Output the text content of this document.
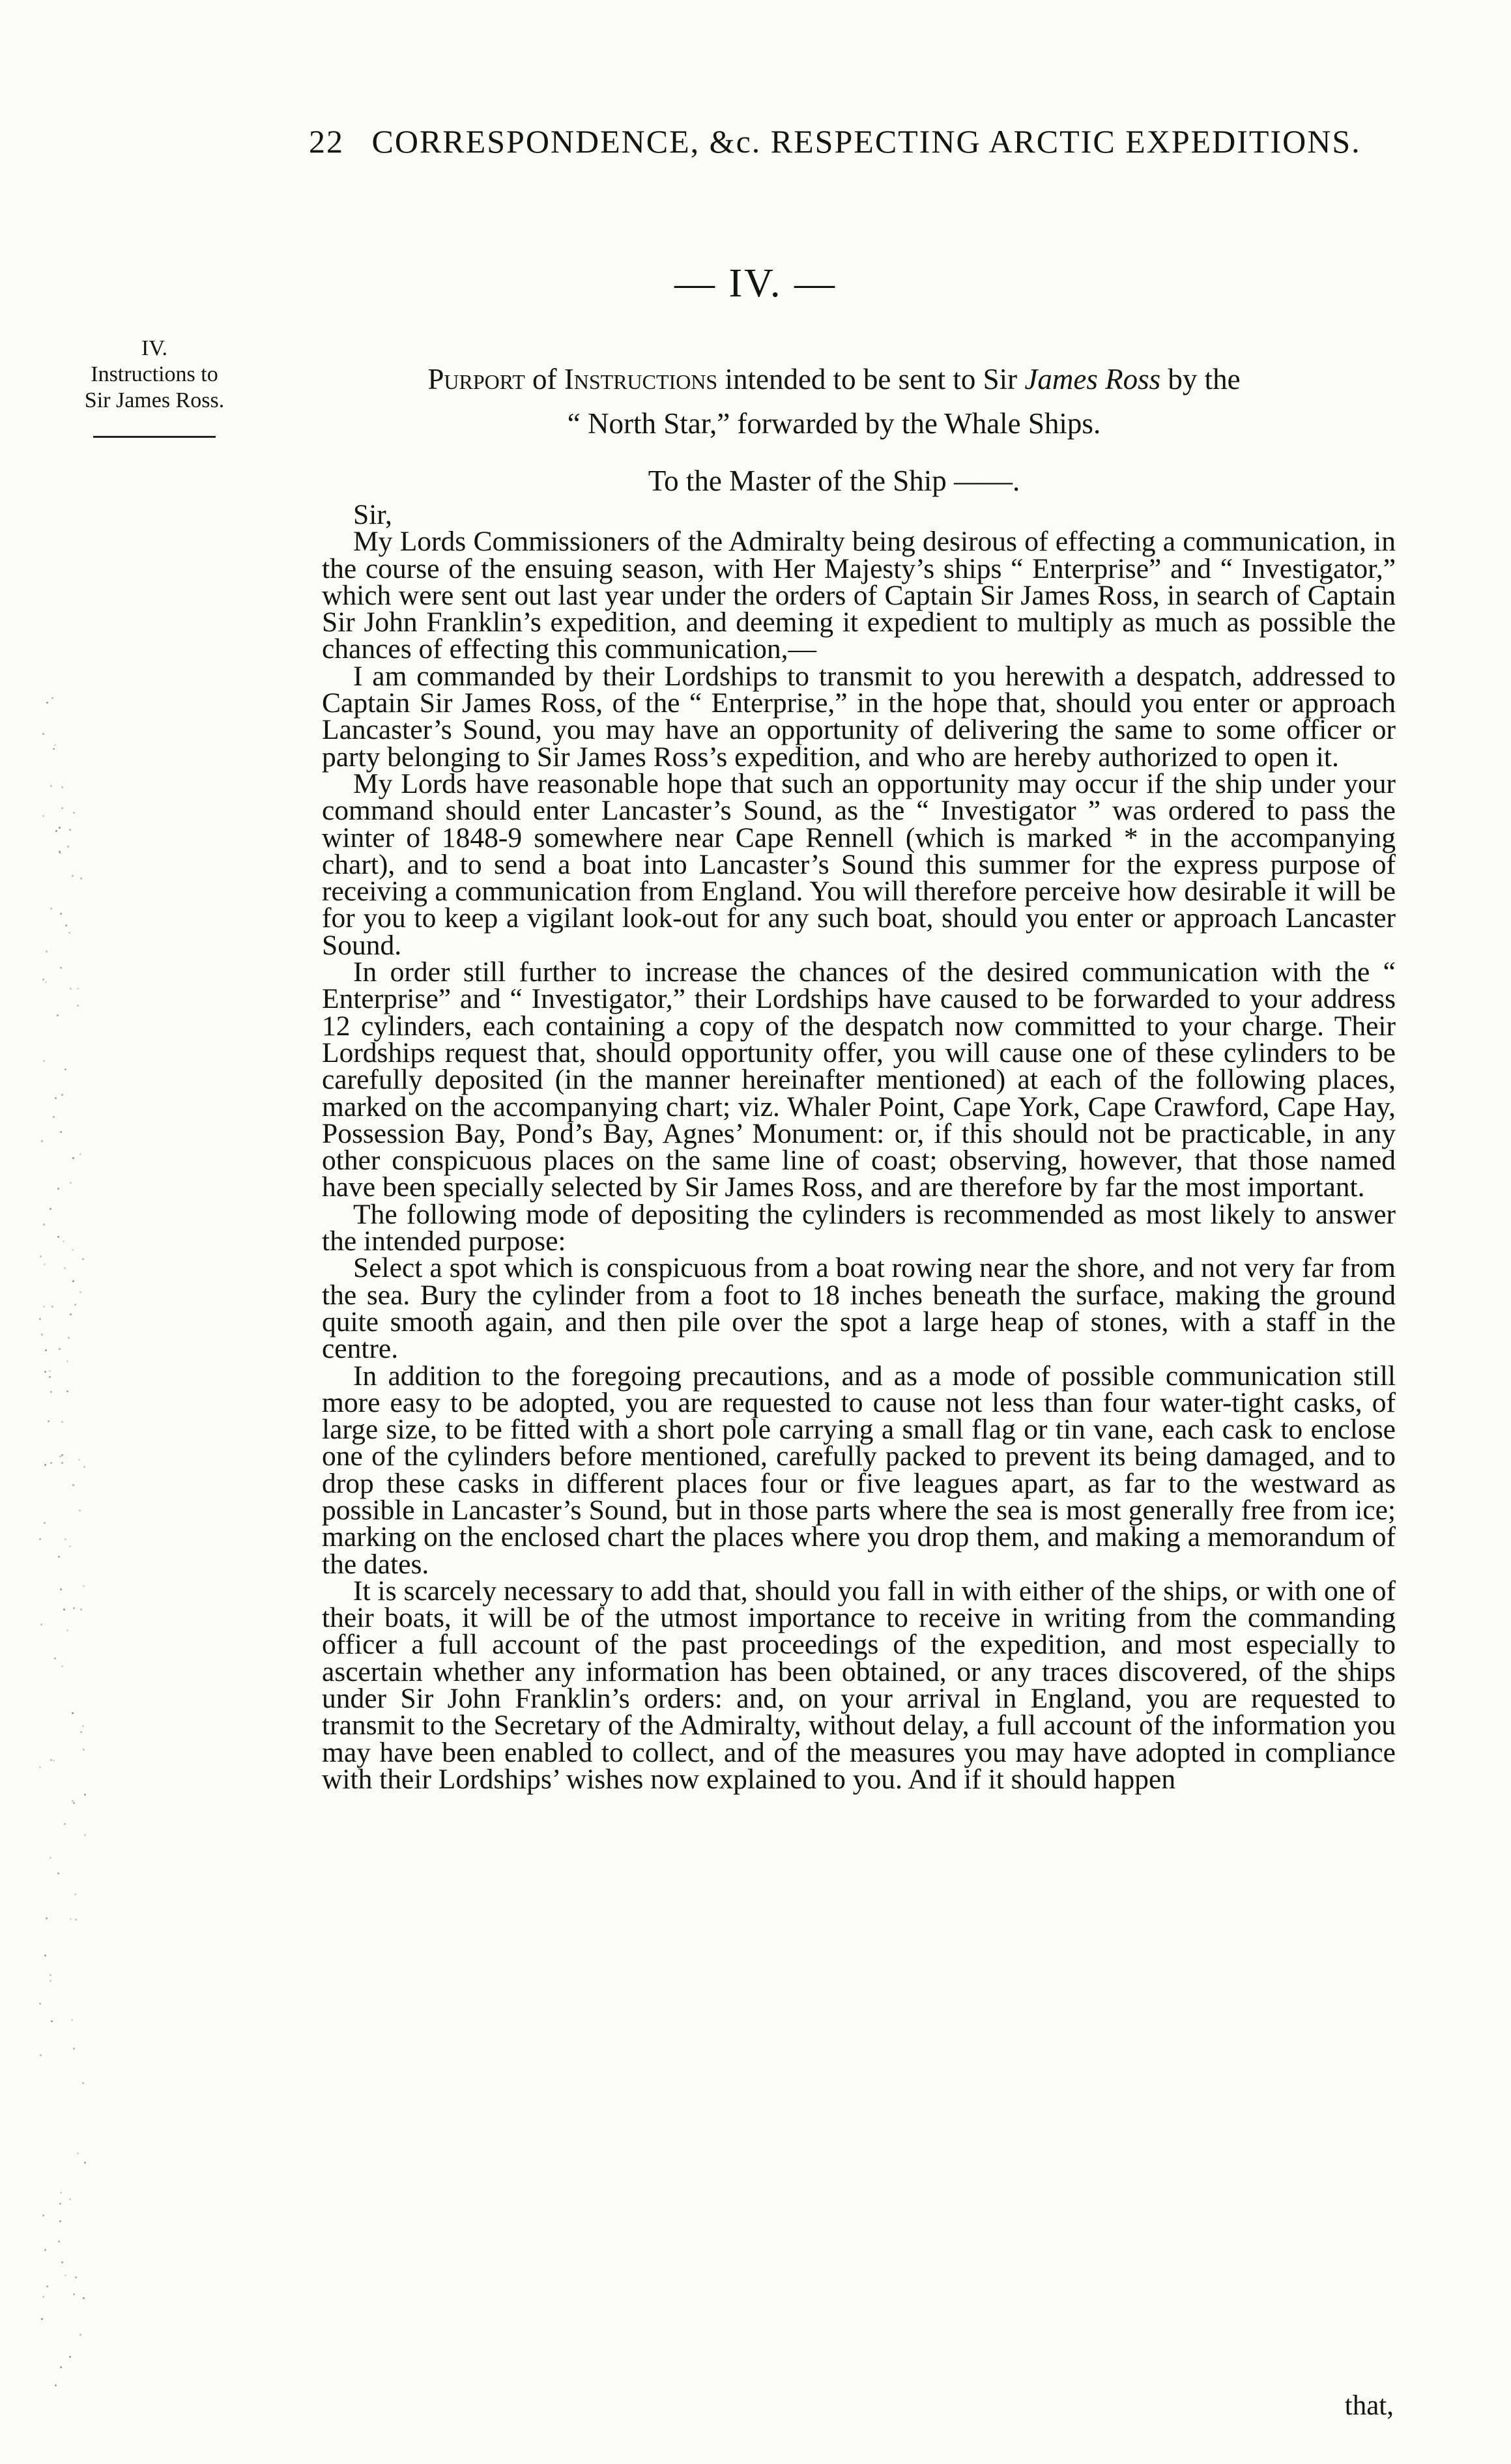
22 CORRESPONDENCE, &c. RESPECTING ARCTIC EXPEDITIONS.
— IV. —
IV.
Instructions to
Sir James Ross.
Purport of Instructions intended to be sent to Sir James Ross by the
“ North Star,” forwarded by the Whale Ships.
To the Master of the Ship ——.

Sir,

My Lords Commissioners of the Admiralty being desirous of effecting a communication, in the course of the ensuing season, with Her Majesty’s ships “ Enterprise” and “ Investigator,” which were sent out last year under the orders of Captain Sir James Ross, in search of Captain Sir John Franklin’s expedition, and deeming it expedient to multiply as much as possible the chances of effecting this communication,—

I am commanded by their Lordships to transmit to you herewith a despatch, addressed to Captain Sir James Ross, of the “ Enterprise,” in the hope that, should you enter or approach Lancaster’s Sound, you may have an opportunity of delivering the same to some officer or party belonging to Sir James Ross’s expedition, and who are hereby authorized to open it.

My Lords have reasonable hope that such an opportunity may occur if the ship under your command should enter Lancaster’s Sound, as the “ Investigator ” was ordered to pass the winter of 1848-9 somewhere near Cape Rennell (which is marked * in the accompanying chart), and to send a boat into Lancaster’s Sound this summer for the express purpose of receiving a communication from England. You will therefore perceive how desirable it will be for you to keep a vigilant look-out for any such boat, should you enter or approach Lancaster Sound.

In order still further to increase the chances of the desired communication with the “ Enterprise” and “ Investigator,” their Lordships have caused to be forwarded to your address 12 cylinders, each containing a copy of the despatch now committed to your charge. Their Lordships request that, should opportunity offer, you will cause one of these cylinders to be carefully deposited (in the manner hereinafter mentioned) at each of the following places, marked on the accompanying chart; viz. Whaler Point, Cape York, Cape Crawford, Cape Hay, Possession Bay, Pond’s Bay, Agnes’ Monument: or, if this should not be practicable, in any other conspicuous places on the same line of coast; observing, however, that those named have been specially selected by Sir James Ross, and are therefore by far the most important.

The following mode of depositing the cylinders is recommended as most likely to answer the intended purpose:

Select a spot which is conspicuous from a boat rowing near the shore, and not very far from the sea. Bury the cylinder from a foot to 18 inches beneath the surface, making the ground quite smooth again, and then pile over the spot a large heap of stones, with a staff in the centre.

In addition to the foregoing precautions, and as a mode of possible communication still more easy to be adopted, you are requested to cause not less than four water-tight casks, of large size, to be fitted with a short pole carrying a small flag or tin vane, each cask to enclose one of the cylinders before mentioned, carefully packed to prevent its being damaged, and to drop these casks in different places four or five leagues apart, as far to the westward as possible in Lancaster’s Sound, but in those parts where the sea is most generally free from ice; marking on the enclosed chart the places where you drop them, and making a memorandum of the dates.

It is scarcely necessary to add that, should you fall in with either of the ships, or with one of their boats, it will be of the utmost importance to receive in writing from the commanding officer a full account of the past proceedings of the expedition, and most especially to ascertain whether any information has been obtained, or any traces discovered, of the ships under Sir John Franklin’s orders: and, on your arrival in England, you are requested to transmit to the Secretary of the Admiralty, without delay, a full account of the information you may have been enabled to collect, and of the measures you may have adopted in compliance with their Lordships’ wishes now explained to you. And if it should happen

that,
